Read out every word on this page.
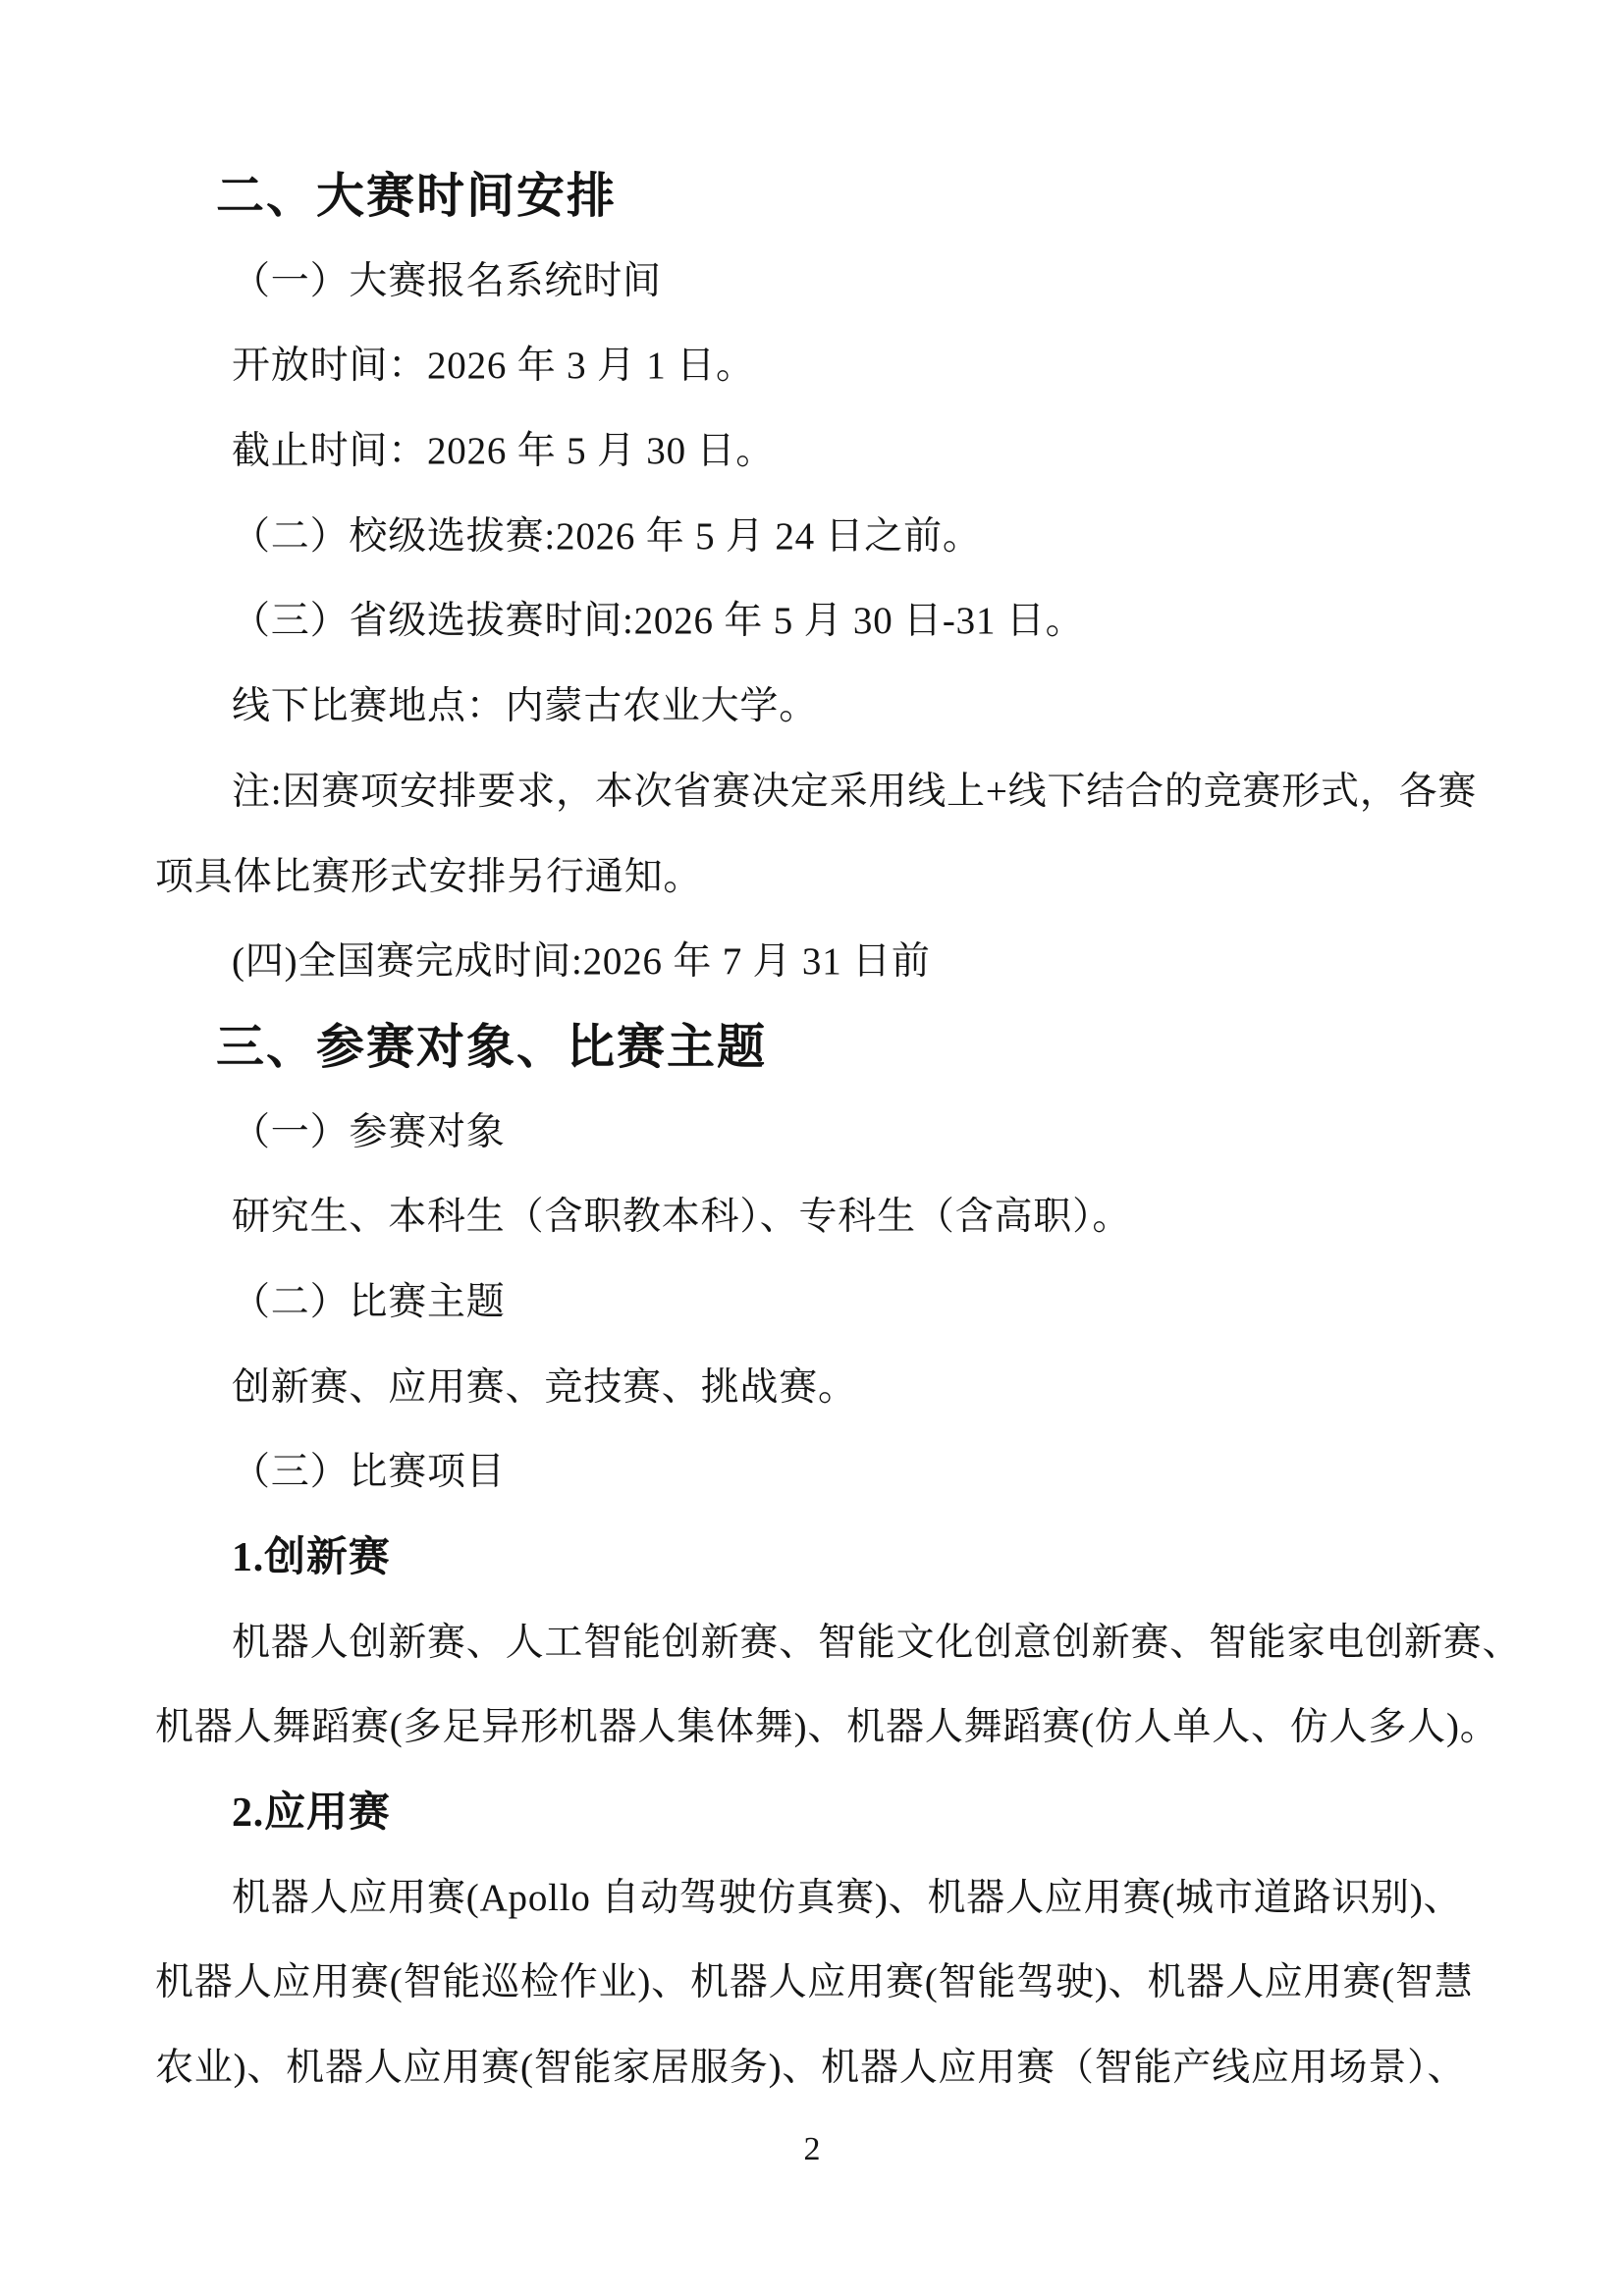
二、大赛时间安排
（一）大赛报名系统时间
开放时间：2026 年 3 月 1 日。
截止时间：2026 年 5 月 30 日。
（二）校级选拔赛:2026 年 5 月 24 日之前。
（三）省级选拔赛时间:2026 年 5 月 30 日-31 日。
线下比赛地点：内蒙古农业大学。
注:因赛项安排要求，本次省赛决定采用线上+线下结合的竞赛形式，各赛
项具体比赛形式安排另行通知。
(四)全国赛完成时间:2026 年 7 月 31 日前
三、参赛对象、比赛主题
（一）参赛对象
研究生、本科生（含职教本科）、专科生（含高职）。
（二）比赛主题
创新赛、应用赛、竞技赛、挑战赛。
（三）比赛项目
1.创新赛
机器人创新赛、人工智能创新赛、智能文化创意创新赛、智能家电创新赛、
机器人舞蹈赛(多足异形机器人集体舞)、机器人舞蹈赛(仿人单人、仿人多人)。
2.应用赛
机器人应用赛(Apollo 自动驾驶仿真赛)、机器人应用赛(城市道路识别)、
机器人应用赛(智能巡检作业)、机器人应用赛(智能驾驶)、机器人应用赛(智慧
农业)、机器人应用赛(智能家居服务)、机器人应用赛（智能产线应用场景）、
2
